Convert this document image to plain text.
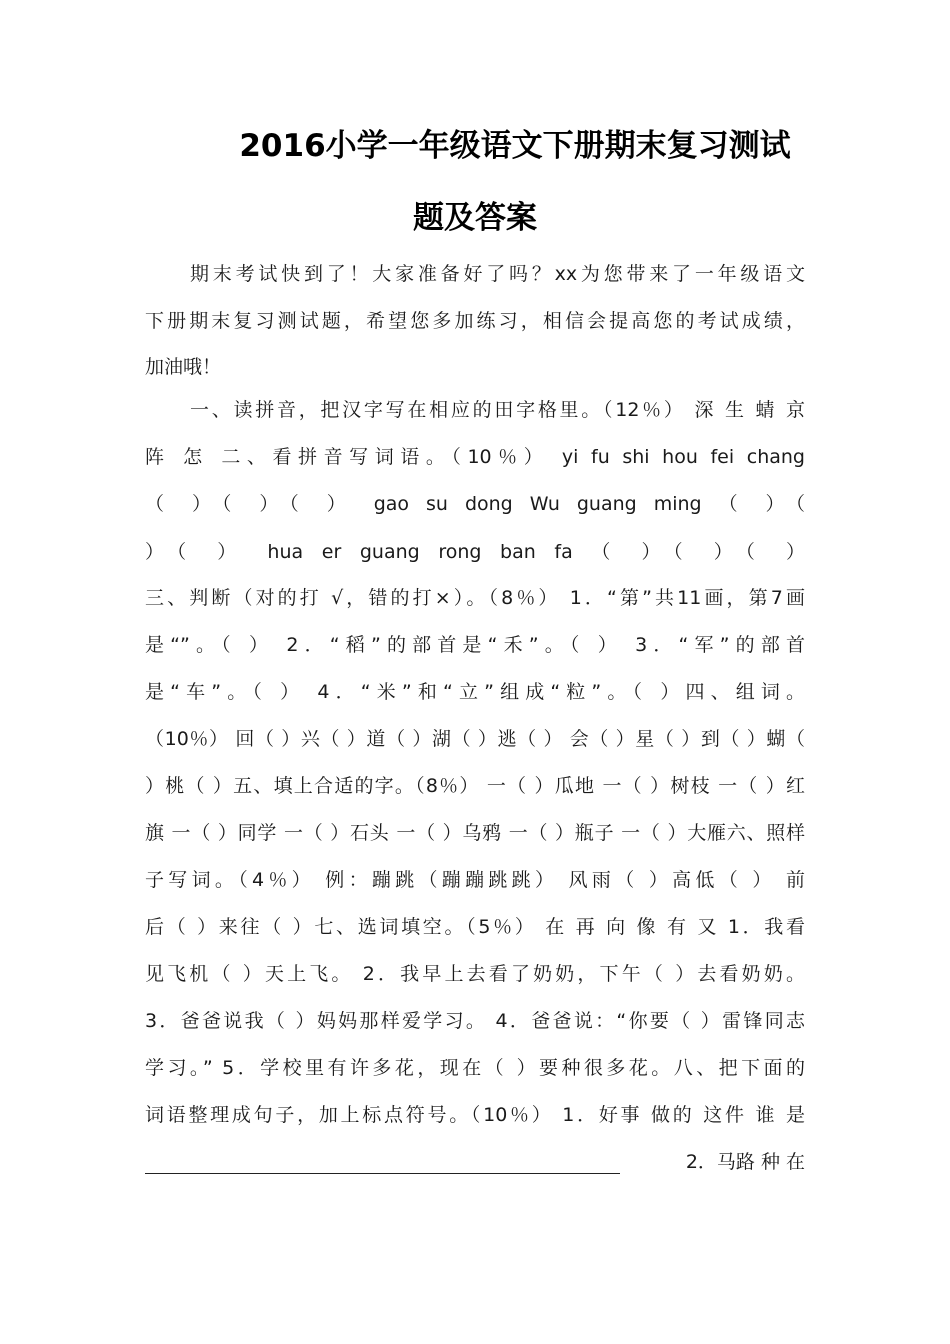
2016小学一年级语文下册期末复习测试
题及答案
期末考试快到了！大家准备好了吗？xx为您带来了一年级语文
下册期末复习测试题，希望您多加练习，相信会提高您的考试成绩，
加油哦！
一、读拼音，把汉字写在相应的田字格里。（12％） 深 生 蜻 京
阵 怎 二、看拼音写词语。（10％） yi fu shi hou fei chang
（ ）（ ）（ ） gao su dong Wu guang ming （ ）（
）（ ） hua er guang rong ban fa （ ）（ ）（ ）
三、判断（对的打 √，错的打×）。（8％） 1．“第”共11画，第7画
是“”。（ ） 2．“稻”的部首是“禾”。（ ） 3．“军”的部首
是“车”。（ ） 4．“米”和“立”组成“粒”。（ ）四、组词。
（10％） 回（ ）兴（ ）道（ ）湖（ ）逃（ ） 会（ ）星（ ）到（ ）蝴（
）桃（ ）五、填上合适的字。（8％） 一（ ）瓜地 一（ ）树枝 一（ ）红
旗 一（ ）同学 一（ ）石头 一（ ）乌鸦 一（ ）瓶子 一（ ）大雁六、照样
子写词。（4％） 例：蹦跳（蹦蹦跳跳） 风雨（ ）高低（ ） 前
后（ ）来往（ ）七、选词填空。（5％） 在 再 向 像 有 又 1．我看
见飞机（ ）天上飞。 2．我早上去看了奶奶，下午（ ）去看奶奶。
3．爸爸说我（ ）妈妈那样爱学习。 4．爸爸说：“你要（ ）雷锋同志
学习。” 5．学校里有许多花，现在（ ）要种很多花。八、把下面的
词语整理成句子，加上标点符号。（10％） 1．好事 做的 这件 谁 是
2．马路 种 在
